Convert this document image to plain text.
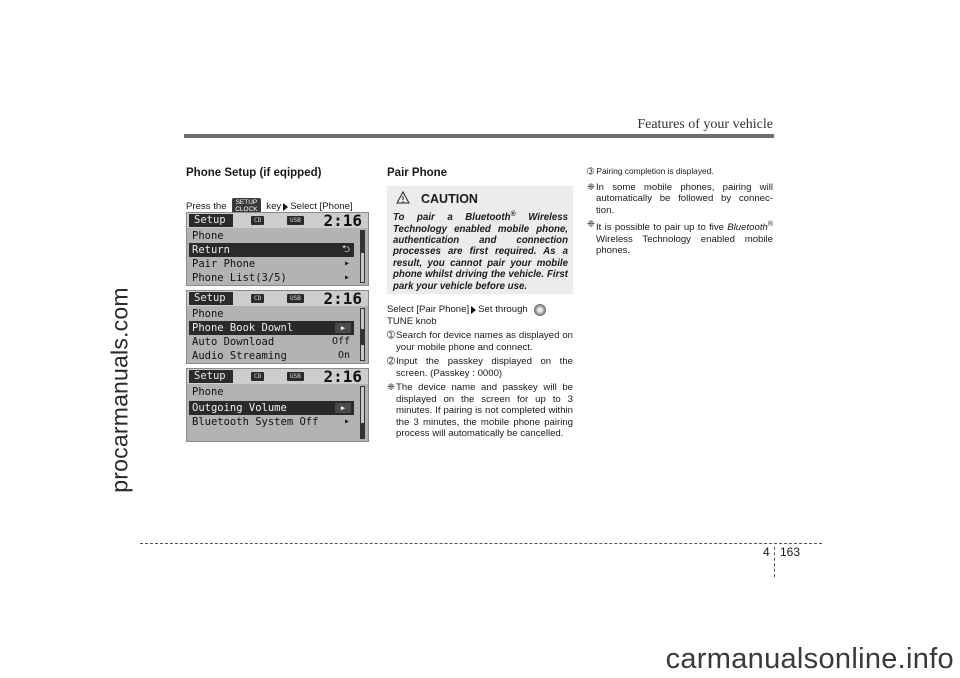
procarmanuals.com
carmanualsonline.info
Features of your vehicle
Phone Setup (if eqipped)
Press the SETUP
CLOCK key Select [Phone]
Setup	CD	USB 2:16
Phone
Return	⮌
Pair Phone	▸
Phone List(3/5)	▸
Setup	CD	USB 2:16
Phone
Phone Book Downl	▶
Auto Download	Off
Audio Streaming	On
Setup	CD	USB 2:16
Phone
Outgoing Volume	▶
Bluetooth System Off	▸
Pair Phone
CAUTION
To pair a Bluetooth® Wireless Technology enabled mobile phone, authentication and connection processes are first required. As a result, you cannot pair your mobile phone whilst driving the vehicle. First park your vehicle before use.
Select [Pair Phone] Set through
TUNE knob
➀ Search for device names as displayed on your mobile phone and connect.
➁ Input the passkey displayed on the screen. (Passkey : 0000)
❈ The device name and passkey will be displayed on the screen for up to 3 minutes. If pairing is not completed within the 3 minutes, the mobile phone pairing process will automatically be cancelled.
➂ Pairing completion is displayed.
❈ In some mobile phones, pairing will automatically be followed by connec- tion.
❈ It is possible to pair up to five Bluetooth® Wireless Technology enabled mobile phones.
4 163
